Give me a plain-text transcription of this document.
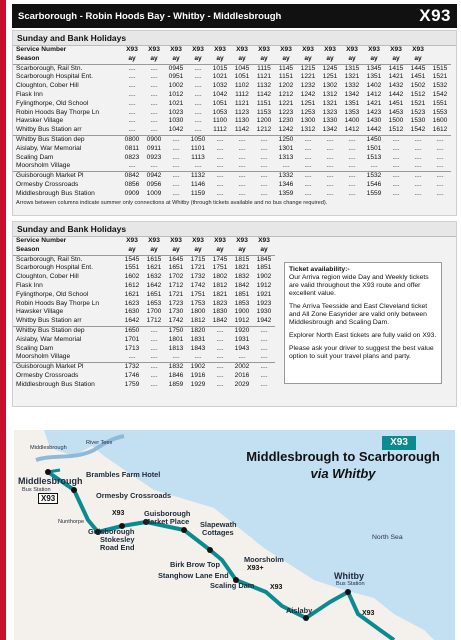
Scarborough - Robin Hoods Bay - Whitby - Middlesbrough	X93
Sunday and Bank Holidays
Service Number	X93	X93	X93	X93	X93	X93	X93	X93	X93	X93	X93	X93	X93	X93	
Season	ay	ay	ay	ay	ay	ay	ay	ay	ay	ay	ay	ay	ay	ay	
Scarborough, Rail Stn.	....	....	0945	....	1015	1045	1115	1145	1215	1245	1315	1345	1415	1445	1515
Scarborough Hospital Ent.	....	....	0951	....	1021	1051	1121	1151	1221	1251	1321	1351	1421	1451	1521
Cloughton, Cober Hill	....	....	1002	....	1032	1102	1132	1202	1232	1302	1332	1402	1432	1502	1532
Flask Inn	....	....	1012	....	1042	1112	1142	1212	1242	1312	1342	1412	1442	1512	1542
Fylingthorpe, Old School	....	....	1021	....	1051	1121	1151	1221	1251	1321	1351	1421	1451	1521	1551
Robin Hoods Bay Thorpe Ln	....	....	1023	....	1053	1123	1153	1223	1253	1323	1353	1423	1453	1523	1553
Hawsker Village	....	....	1030	....	1100	1130	1200	1230	1300	1330	1400	1430	1500	1530	1600
Whitby Bus Station arr	....	....	1042	....	1112	1142	1212	1242	1312	1342	1412	1442	1512	1542	1612
Whitby Bus Station dep	0800	0900	....	1050	....	....	....	1250	....	....	....	1450	....	....	....
Aislaby, War Memorial	0811	0911	....	1101	....	....	....	1301	....	....	....	1501	....	....	....
Scaling Dam	0823	0923	....	1113	....	....	....	1313	....	....	....	1513	....	....	....
Moorsholm Village	....	....	....	....	....	....	....	....	....	....	....	....	....	....	....
Guisborough Market Pl	0842	0942	....	1132	....	....	....	1332	....	....	....	1532	....	....	....
Ormesby Crossroads	0856	0956	....	1146	....	....	....	1346	....	....	....	1546	....	....	....
Middlesbrough Bus Station	0909	1009	....	1159	....	....	....	1359	....	....	....	1559	....	....	....
Arrows between columns indicate summer only connections at Whitby (through tickets available and no bus change required).
Sunday and Bank Holidays
Service Number	X93	X93	X93	X93	X93	X93	X93
Season	ay	ay	ay	ay	ay	ay	ay
Scarborough, Rail Stn.	1545	1615	1645	1715	1745	1815	1845
Scarborough Hospital Ent.	1551	1621	1651	1721	1751	1821	1851
Cloughton, Cober Hill	1602	1632	1702	1732	1802	1832	1902
Flask Inn	1612	1642	1712	1742	1812	1842	1912
Fylingthorpe, Old School	1621	1651	1721	1751	1821	1851	1921
Robin Hoods Bay Thorpe Ln	1623	1653	1723	1753	1823	1853	1923
Hawsker Village	1630	1700	1730	1800	1830	1900	1930
Whitby Bus Station arr	1642	1712	1742	1812	1842	1912	1942
Whitby Bus Station dep	1650	....	1750	1820	....	1920	....
Aislaby, War Memorial	1701	....	1801	1831	....	1931	....
Scaling Dam	1713	....	1813	1843	....	1943	....
Moorsholm Village	....	....	....	....	....	....	....
Guisborough Market Pl	1732	....	1832	1902	....	2002	....
Ormesby Crossroads	1746	....	1846	1916	....	2016	....
Middlesbrough Bus Station	1759	....	1859	1929	....	2029	....

Ticket availability:-

Our Arriva region wide Day and Weekly tickets are valid throughout the X93 route and offer excellent value.

The Arriva Teesside and East Cleveland ticket and All Zone Easyrider are valid only between Middlesbrough and Scaling Dam.

Explorer North East tickets are fully valid on X93.

Please ask your driver to suggest the best value option to suit your travel plans and party.

X93
Middlesbrough to Scarborough
via Whitby
Middlesbrough
River Tees
Middlesbrough
Bus Station
X93
Brambles Farm Hotel
Ormesby Crossroads
Nunthorpe
X93
Guisborough
Stokesley
Road End
Guisborough
Market Place Slapewath
Cottages
Birk Brow Top
Stanghow Lane End
Scaling Dam
Moorsholm
X93+
X93
Aislaby
Whitby
Bus Station
X93
North Sea
